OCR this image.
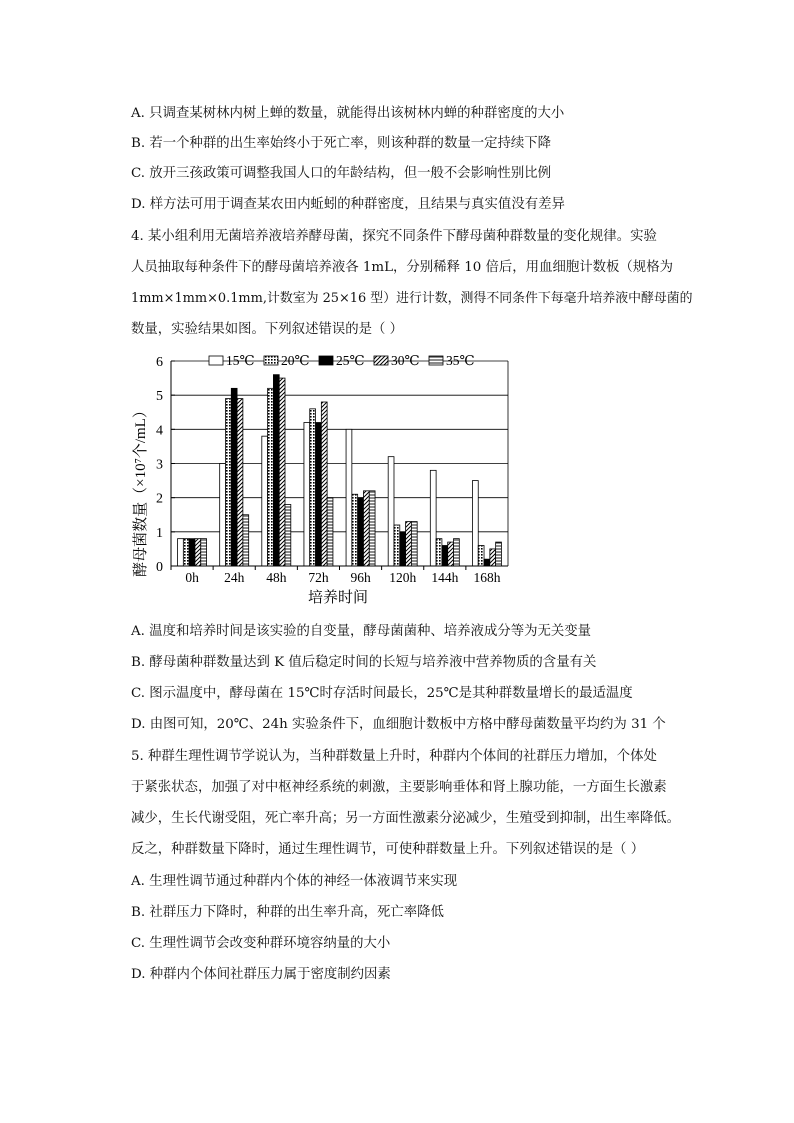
A. 只调查某树林内树上蝉的数量，就能得出该树林内蝉的种群密度的大小
B. 若一个种群的出生率始终小于死亡率，则该种群的数量一定持续下降
C. 放开三孩政策可调整我国人口的年龄结构，但一般不会影响性别比例
D. 样方法可用于调查某农田内蚯蚓的种群密度，且结果与真实值没有差异
4. 某小组利用无菌培养液培养酵母菌，探究不同条件下酵母菌种群数量的变化规律。实验
人员抽取每种条件下的酵母菌培养液各 1mL，分别稀释 10 倍后，用血细胞计数板（规格为
1mm×1mm×0.1mm,计数室为 25×16 型）进行计数，测得不同条件下每毫升培养液中酵母菌的
数量，实验结果如图。下列叙述错误的是（ ）
0
1
2
3
4
5
6
0h 24h 48h 72h 96h 120h 144h 168h
15℃ 20℃ 25℃ 30℃ 35℃
酵母菌数量（×10⁷个/mL）
培养时间
A. 温度和培养时间是该实验的自变量，酵母菌菌种、培养液成分等为无关变量
B. 酵母菌种群数量达到 K 值后稳定时间的长短与培养液中营养物质的含量有关
C. 图示温度中，酵母菌在 15℃时存活时间最长，25℃是其种群数量增长的最适温度
D. 由图可知，20℃、24h 实验条件下，血细胞计数板中方格中酵母菌数量平均约为 31 个
5. 种群生理性调节学说认为，当种群数量上升时，种群内个体间的社群压力增加，个体处
于紧张状态，加强了对中枢神经系统的刺激，主要影响垂体和肾上腺功能，一方面生长激素
减少，生长代谢受阻，死亡率升高；另一方面性激素分泌减少，生殖受到抑制，出生率降低。
反之，种群数量下降时，通过生理性调节，可使种群数量上升。下列叙述错误的是（ ）
A. 生理性调节通过种群内个体的神经一体液调节来实现
B. 社群压力下降时，种群的出生率升高，死亡率降低
C. 生理性调节会改变种群环境容纳量的大小
D. 种群内个体间社群压力属于密度制约因素
